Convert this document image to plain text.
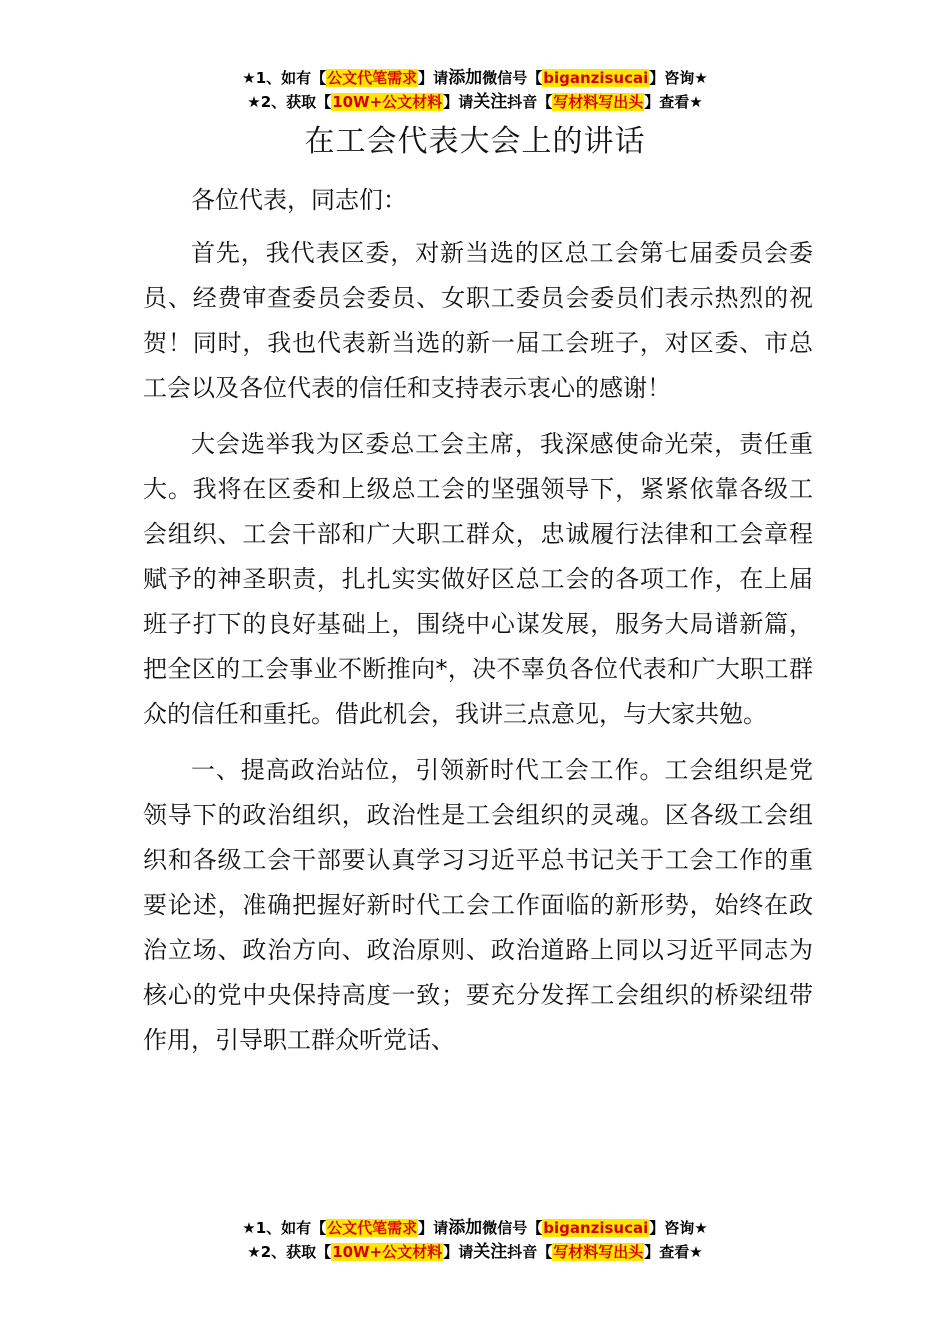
★1、如有【公文代笔需求】请添加微信号【biganzisucai】咨询★
★2、获取【10W+公文材料】请关注抖音【写材料写出头】查看★
在工会代表大会上的讲话

各位代表，同志们：

首先，我代表区委，对新当选的区总工会第七届委员会委员、经费审查委员会委员、女职工委员会委员们表示热烈的祝贺！同时，我也代表新当选的新一届工会班子，对区委、市总工会以及各位代表的信任和支持表示衷心的感谢！

大会选举我为区委总工会主席，我深感使命光荣，责任重大。我将在区委和上级总工会的坚强领导下，紧紧依靠各级工会组织、工会干部和广大职工群众，忠诚履行法律和工会章程赋予的神圣职责，扎扎实实做好区总工会的各项工作，在上届班子打下的良好基础上，围绕中心谋发展，服务大局谱新篇，把全区的工会事业不断推向*，决不辜负各位代表和广大职工群众的信任和重托。借此机会，我讲三点意见，与大家共勉。

一、提高政治站位，引领新时代工会工作。工会组织是党领导下的政治组织，政治性是工会组织的灵魂。区各级工会组织和各级工会干部要认真学习习近平总书记关于工会工作的重要论述，准确把握好新时代工会工作面临的新形势，始终在政治立场、政治方向、政治原则、政治道路上同以习近平同志为核心的党中央保持高度一致；要充分发挥工会组织的桥梁纽带作用，引导职工群众听党话、

★1、如有【公文代笔需求】请添加微信号【biganzisucai】咨询★
★2、获取【10W+公文材料】请关注抖音【写材料写出头】查看★
